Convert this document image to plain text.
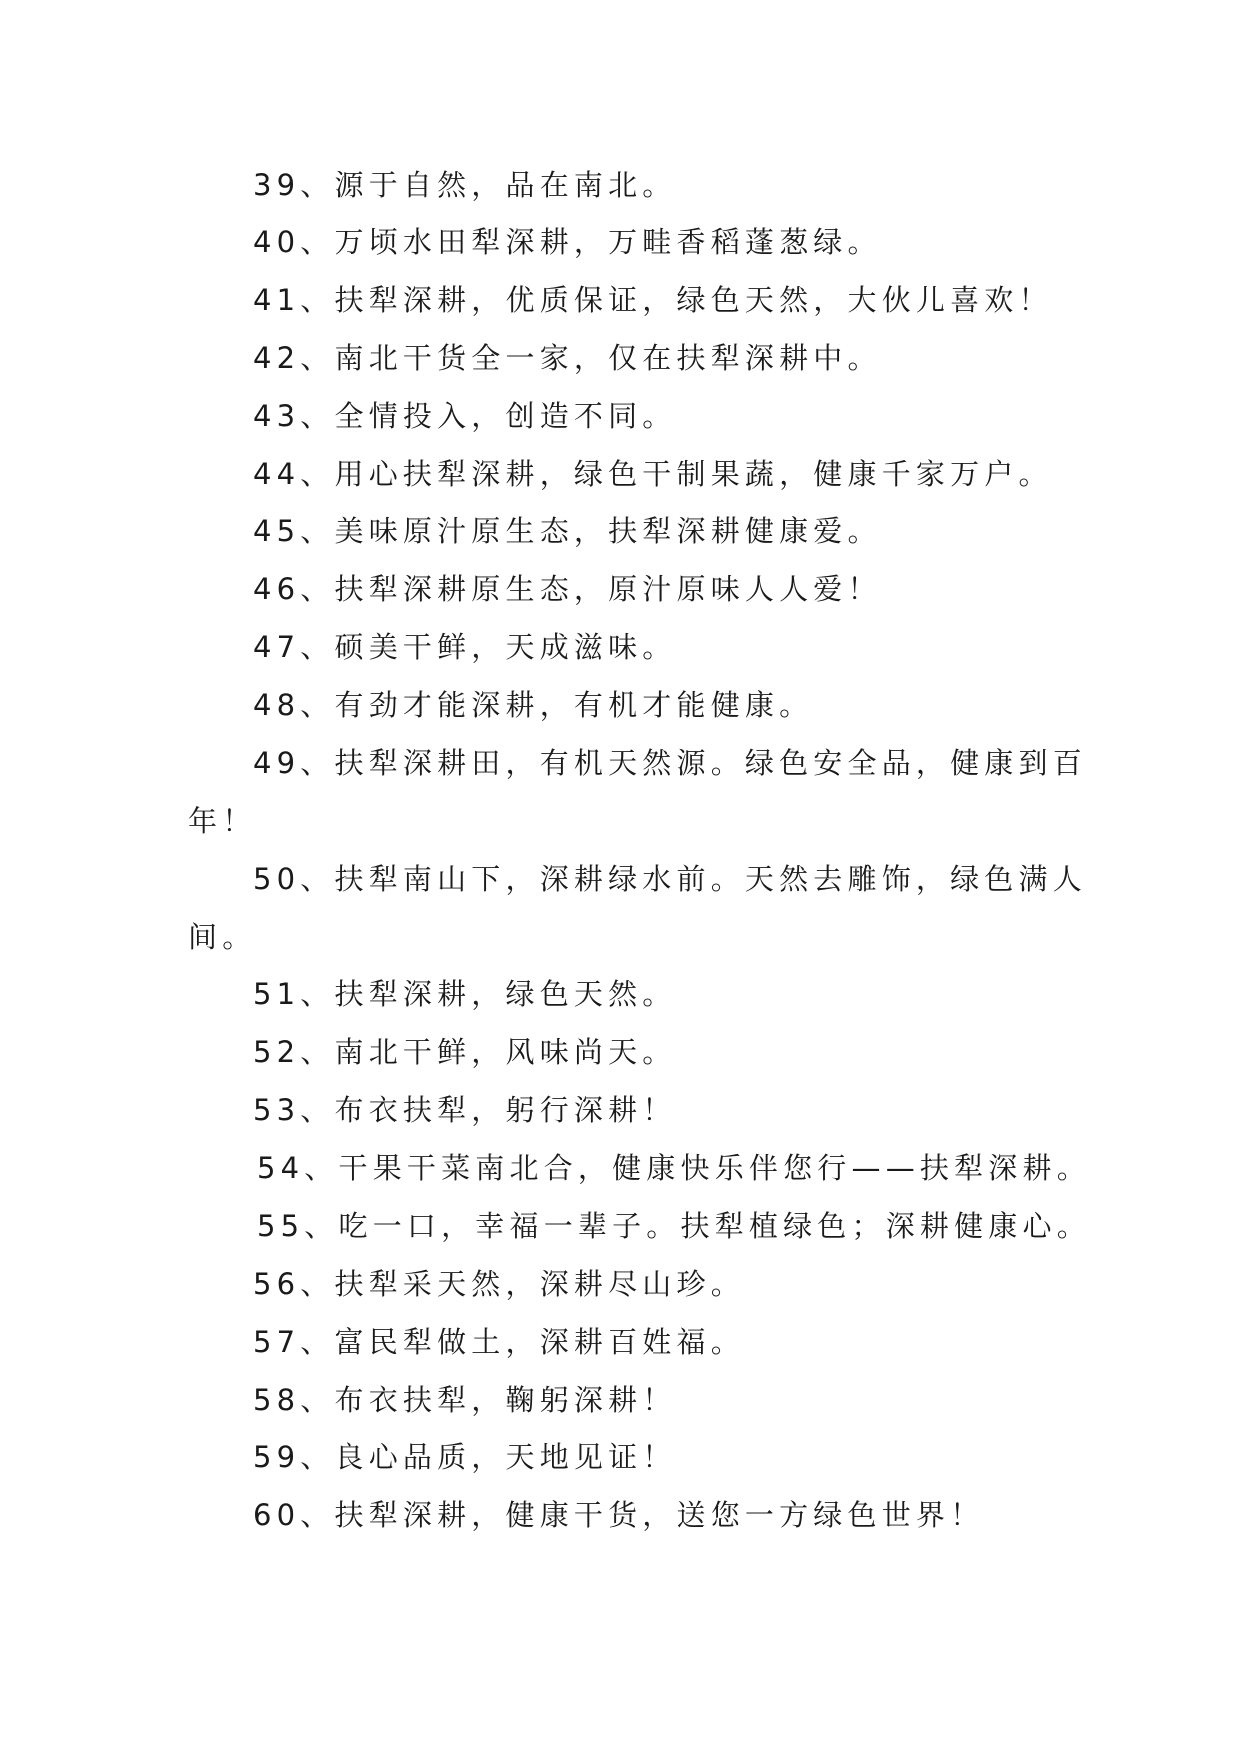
39、源于自然，品在南北。
40、万顷水田犁深耕，万畦香稻蓬葱绿。
41、扶犁深耕，优质保证，绿色天然，大伙儿喜欢！
42、南北干货全一家，仅在扶犁深耕中。
43、全情投入，创造不同。
44、用心扶犁深耕，绿色干制果蔬，健康千家万户。
45、美味原汁原生态，扶犁深耕健康爱。
46、扶犁深耕原生态，原汁原味人人爱！
47、硕美干鲜，天成滋味。
48、有劲才能深耕，有机才能健康。
49、扶犁深耕田，有机天然源。绿色安全品，健康到百
年！
50、扶犁南山下，深耕绿水前。天然去雕饰，绿色满人
间。
51、扶犁深耕，绿色天然。
52、南北干鲜，风味尚天。
53、布衣扶犁，躬行深耕！
54、干果干菜南北合，健康快乐伴您行——扶犁深耕。
55、吃一口，幸福一辈子。扶犁植绿色；深耕健康心。
56、扶犁采天然，深耕尽山珍。
57、富民犁做土，深耕百姓福。
58、布衣扶犁，鞠躬深耕！
59、良心品质，天地见证！
60、扶犁深耕，健康干货，送您一方绿色世界！
